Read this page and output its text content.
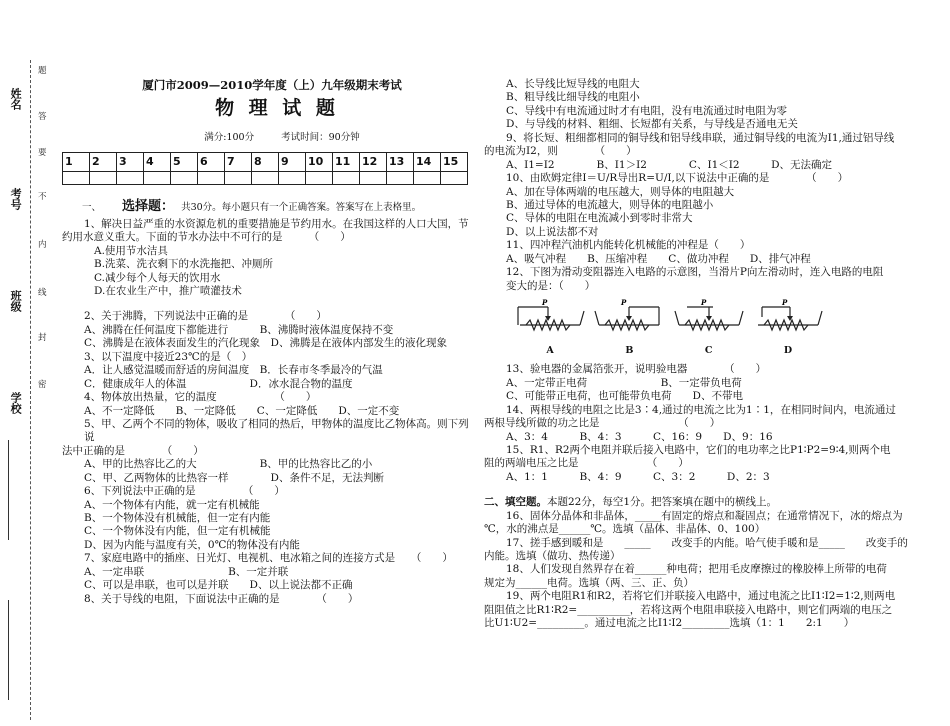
姓名
考号
班级
学校
题
答
要
不
内
线
封
密
厦门市2009—2010学年度（上）九年级期末考试
物 理 试 题
满分:100分	考试时间：90分钟
1	2	3	4	5	6	7	8	9	10	11	12	13	14	15

一、 选择题： 共30分。每小题只有一个正确答案。答案写在上表格里。

1、解决日益严重的水资源危机的重要措施是节约用水。在我国这样的人口大国，节

约用水意义重大。下面的节水办法中不可行的是　　　（　　）

A.使用节水洁具

B.洗菜、洗衣剩下的水洗拖把、冲厕所

C.减少每个人每天的饮用水

D.在农业生产中，推广喷灌技术

2、关于沸腾，下列说法中正确的是　　　　（　　）

A、沸腾在任何温度下都能进行　　　B、沸腾时液体温度保持不变

C、沸腾是在液体表面发生的汽化现象　D、沸腾是在液体内部发生的液化现象

3、以下温度中接近23℃的是（　）

A．让人感觉温暖而舒适的房间温度　B．长春市冬季最冷的气温

C．健康成年人的体温　　　　　　D．冰水混合物的温度

4、物体放出热量，它的温度　　　　　　（　　）

A、不一定降低　　B、一定降低　　C、一定降低　　D、一定不变

5、甲、乙两个不同的物体，吸收了相同的热后，甲物体的温度比乙物体高。则下列说

法中正确的是　　　　（　　）

A、甲的比热容比乙的大　　　　　　B、甲的比热容比乙的小

C、甲、乙两物体的比热容一样　　　　D、条件不足，无法判断

6、下列说法中正确的是　　　　　（　　）

A、一个物体有内能，就一定有机械能

B、一个物体没有机械能，但一定有内能

C、一个物体没有内能，但一定有机械能

D、因为内能与温度有关，0℃的物体没有内能

7、家庭电路中的插座、日光灯、电视机、电冰箱之间的连接方式是　　（　　）

A、一定串联　　　　　　　　B、一定并联

C、可以是串联，也可以是并联　　D、以上说法都不正确

8、关于导线的电阻，下面说法中正确的是　　　　（　　）

A、长导线比短导线的电阻大

B、粗导线比细导线的电阻小

C、导线中有电流通过时才有电阻，没有电流通过时电阻为零

D、与导线的材料、粗细、长短都有关系，与导线是否通电无关

9、将长短、粗细都相同的铜导线和铝导线串联，通过铜导线的电流为I1,通过铝导线

的电流为I2，则　　　　（　　）

A、I1=I2　　　　B、I1＞I2　　　　C、I1＜I2　　　D、无法确定

10、由欧姆定律I＝U/R导出R=U/I,以下说法中正确的是　　　　（　　）

A、加在导体两端的电压越大，则导体的电阻越大

B、通过导体的电流越大，则导体的电阻越小

C、导体的电阻在电流减小到零时非常大

D、以上说法都不对

11、四冲程汽油机内能转化机械能的冲程是（　　）

A、吸气冲程　　B、压缩冲程　　C、做功冲程　　D、排气冲程

12、下图为滑动变阻器连入电路的示意图，当滑片P向左滑动时，连入电路的电阻

变大的是：（　　）

P
A
P
B
P
C
P
D

13、验电器的金属箔张开，说明验电器　　　　（　　）

A、一定带正电荷　　　　　　　B、一定带负电荷

C、可能带正电荷，也可能带负电荷　　D、不带电

14、两根导线的电阻之比是3∶4,通过的电流之比为1∶1，在相同时间内，电流通过

两根导线所做的功之比是　　　　　　　　（　　）

A、3：4　　　B、4：3　　　C、16：9　　D、9：16

15、R1、R2两个电阻并联后接入电路中，它们的电功率之比P1∶P2=9∶4,则两个电

阻的两端电压之比是　　　　　　　（　　）

A、1：1　　　B、4：9　　　C、3：2　　　D、2：3

二、填空题。本题22分，每空1分。把答案填在题中的横线上。

16、固体分晶体和非晶体，_____有固定的熔点和凝固点；在通常情况下，冰的熔点为

℃，水的沸点是______℃。选填（晶体、非晶体、0、100）

17、搓手感到暖和是　　_____　　改变手的内能。哈气使手暖和是_____　　改变手的

内能。选填（做功、热传递）

18、人们发现自然界存在着______种电荷；把用毛皮摩擦过的橡胶棒上所带的电荷

规定为______电荷。选填（两、三、正、负）

19、两个电阻R1和R2，若将它们并联接入电路中，通过电流之比I1∶I2=1∶2,则两电

阻阻值之比R1∶R2=__________，若将这两个电阻串联接入电路中，则它们两端的电压之

比U1∶U2=_________。通过电流之比I1∶I2_________选填（1：1　　2:1　　）
